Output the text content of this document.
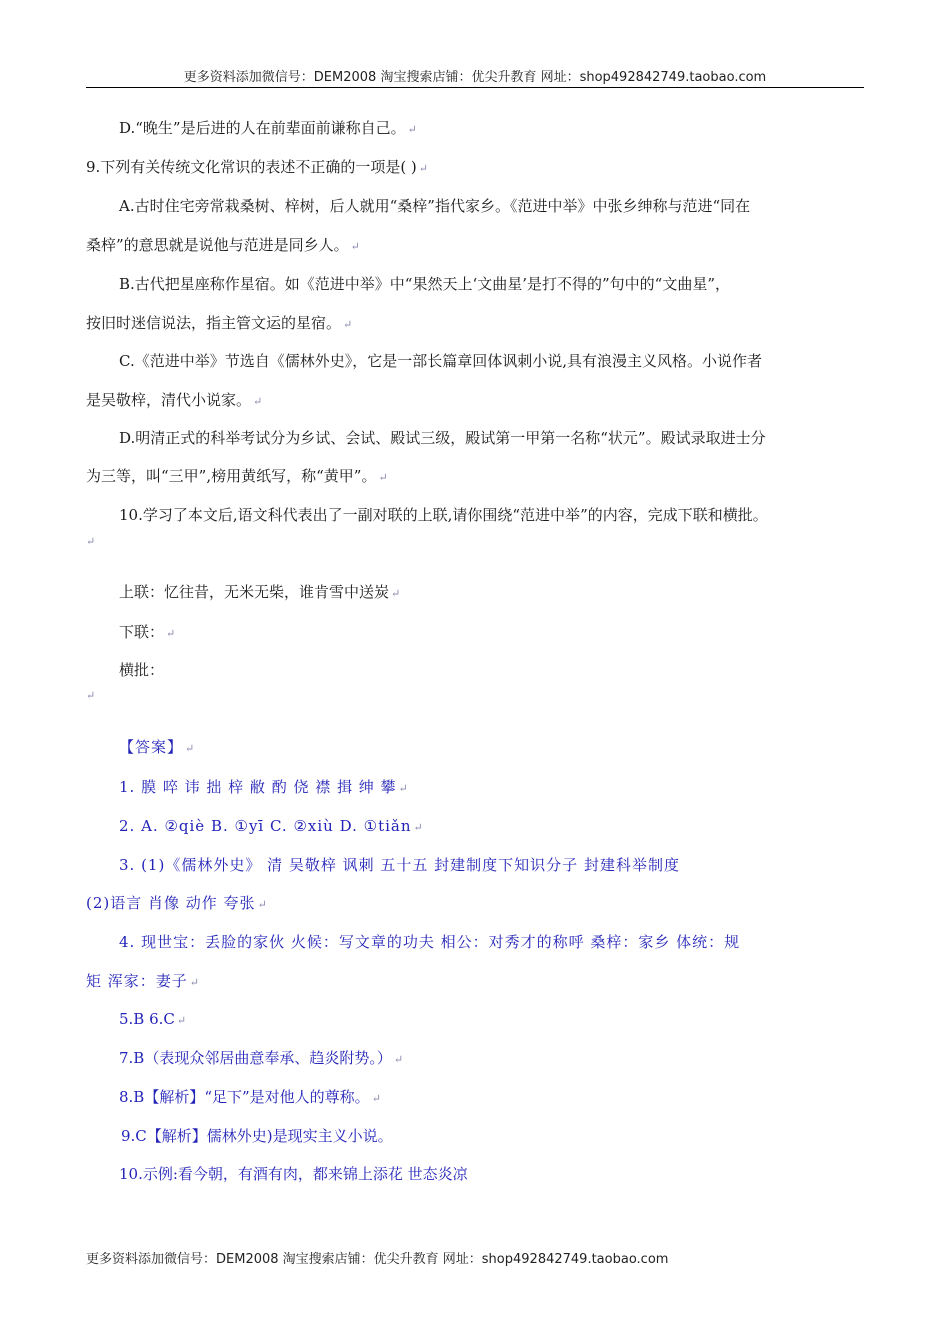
更多资料添加微信号：DEM2008 淘宝搜索店铺：优尖升教育 网址：shop492842749.taobao.com
D.“晚生”是后进的人在前辈面前谦称自己。 ↵
9.下列有关传统文化常识的表述不正确的一项是( ) ↵
A.古时住宅旁常栽桑树、梓树，后人就用“桑梓”指代家乡。《范进中举》中张乡绅称与范进“同在
桑梓”的意思就是说他与范进是同乡人。 ↵
B.古代把星座称作星宿。如《范进中举》中“果然天上‘文曲星’是打不得的”句中的“文曲星”，
按旧时迷信说法，指主管文运的星宿。 ↵
C.《范进中举》节选自《儒林外史》，它是一部长篇章回体讽刺小说,具有浪漫主义风格。小说作者
是吴敬梓，清代小说家。 ↵
D.明清正式的科举考试分为乡试、会试、殿试三级，殿试第一甲第一名称“状元”。殿试录取进士分
为三等，叫“三甲”,榜用黄纸写，称“黄甲”。 ↵
10.学习了本文后,语文科代表出了一副对联的上联,请你围绕“范进中举”的内容，完成下联和横批。
↵
上联：忆往昔，无米无柴，谁肯雪中送炭 ↵
下联： ↵
横批：
↵
【答案】 ↵
1. 膜 啐 讳 拙 梓 敝 酌 侥 襟 揖 绅 攀 ↵
2. A. ②qiè B. ①yī C. ②xiù D. ①tiǎn ↵
3. (1)《儒林外史》 清 吴敬梓 讽刺 五十五 封建制度下知识分子 封建科举制度
(2)语言 肖像 动作 夸张 ↵
4. 现世宝：丢脸的家伙 火候：写文章的功夫 相公：对秀才的称呼 桑梓：家乡 体统：规
矩 浑家：妻子 ↵
5.B 6.C ↵
7.B（表现众邻居曲意奉承、趋炎附势。） ↵
8.B【解析】“足下”是对他人的尊称。 ↵
9.C【解析】儒林外史)是现实主义小说。
10.示例:看今朝，有酒有肉，都来锦上添花 世态炎凉
更多资料添加微信号：DEM2008 淘宝搜索店铺：优尖升教育 网址：shop492842749.taobao.com
